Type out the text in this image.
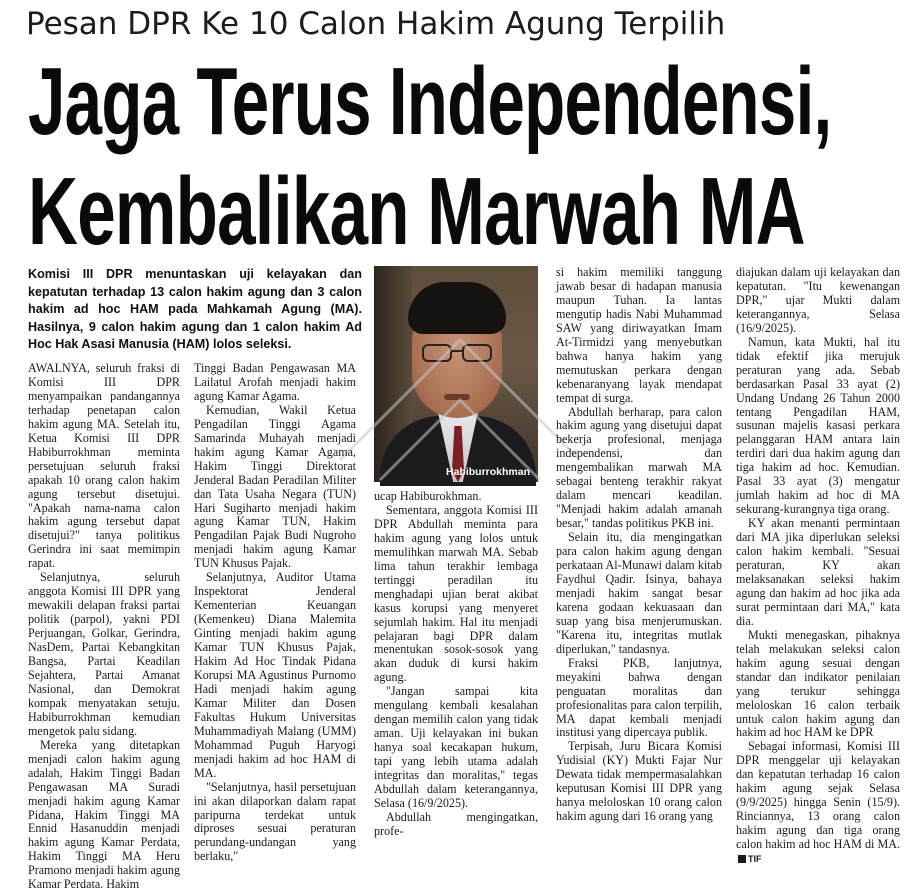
Pesan DPR Ke 10 Calon Hakim Agung Terpilih
Jaga Terus Independensi,
Kembalikan Marwah MA
Komisi III DPR menuntaskan uji kelayakan dan kepatutan terhadap 13 calon hakim agung dan 3 calon hakim ad hoc HAM pada Mahkamah Agung (MA). Hasilnya, 9 calon hakim agung dan 1 calon hakim Ad Hoc Hak Asasi Manusia (HAM) lolos seleksi.
Habiburrokhman

AWALNYA, seluruh fraksi di Komisi III DPR menyampaikan pandangannya terhadap penetapan calon hakim agung MA. Setelah itu, Ketua Komisi III DPR Habiburrokhman meminta persetujuan seluruh fraksi apakah 10 orang calon hakim agung tersebut disetujui. "Apakah nama-nama calon hakim agung tersebut dapat disetujui?" tanya politikus Gerindra ini saat memimpin rapat.

Selanjutnya, seluruh anggota Komisi III DPR yang mewakili delapan fraksi partai politik (parpol), yakni PDI Perjuangan, Golkar, Gerindra, NasDem, Partai Kebangkitan Bangsa, Partai Keadilan Sejahtera, Partai Amanat Nasional, dan Demokrat kompak menyatakan setuju. Habiburrokhman kemudian mengetok palu sidang.

Mereka yang ditetapkan menjadi calon hakim agung adalah, Hakim Tinggi Badan Pengawasan MA Suradi menjadi hakim agung Kamar Pidana, Hakim Tinggi MA Ennid Hasanuddin menjadi hakim agung Kamar Perdata, Hakim Tinggi MA Heru Pramono menjadi hakim agung Kamar Perdata. Hakim

Tinggi Badan Pengawasan MA Lailatul Arofah menjadi hakim agung Kamar Agama.

Kemudian, Wakil Ketua Pengadilan Tinggi Agama Samarinda Muhayah menjadi hakim agung Kamar Agama, Hakim Tinggi Direktorat Jenderal Badan Peradilan Militer dan Tata Usaha Negara (TUN) Hari Sugiharto menjadi hakim agung Kamar TUN, Hakim Pengadilan Pajak Budi Nugroho menjadi hakim agung Kamar TUN Khusus Pajak.

Selanjutnya, Auditor Utama Inspektorat Jenderal Kementerian Keuangan (Kemenkeu) Diana Malemita Ginting menjadi hakim agung Kamar TUN Khusus Pajak, Hakim Ad Hoc Tindak Pidana Korupsi MA Agustinus Purnomo Hadi menjadi hakim agung Kamar Militer dan Dosen Fakultas Hukum Universitas Muhammadiyah Malang (UMM) Mohammad Puguh Haryogi menjadi hakim ad hoc HAM di MA.

"Selanjutnya, hasil persetujuan ini akan dilaporkan dalam rapat paripurna terdekat untuk diproses sesuai peraturan perundang-undangan yang berlaku,"

ucap Habiburokhman.

Sementara, anggota Komisi III DPR Abdullah meminta para hakim agung yang lolos untuk memulihkan marwah MA. Sebab lima tahun terakhir lembaga tertinggi peradilan itu menghadapi ujian berat akibat kasus korupsi yang menyeret sejumlah hakim. Hal itu menjadi pelajaran bagi DPR dalam menentukan sosok-sosok yang akan duduk di kursi hakim agung.

"Jangan sampai kita mengulang kembali kesalahan dengan memilih calon yang tidak aman. Uji kelayakan ini bukan hanya soal kecakapan hukum, tapi yang lebih utama adalah integritas dan moralitas," tegas Abdullah dalam keterangannya, Selasa (16/9/2025).

Abdullah mengingatkan, profe-

si hakim memiliki tanggung jawab besar di hadapan manusia maupun Tuhan. Ia lantas mengutip hadis Nabi Muhammad SAW yang diriwayatkan Imam At-Tirmidzi yang menyebutkan bahwa hanya hakim yang memutuskan perkara dengan kebenaranyang layak mendapat tempat di surga.

Abdullah berharap, para calon hakim agung yang disetujui dapat bekerja profesional, menjaga independensi, dan mengembalikan marwah MA sebagai benteng terakhir rakyat dalam mencari keadilan. "Menjadi hakim adalah amanah besar," tandas politikus PKB ini.

Selain itu, dia mengingatkan para calon hakim agung dengan perkataan Al-Munawi dalam kitab Faydhul Qadir. Isinya, bahaya menjadi hakim sangat besar karena godaan kekuasaan dan suap yang bisa menjerumuskan. "Karena itu, integritas mutlak diperlukan," tandasnya.

Fraksi PKB, lanjutnya, meyakini bahwa dengan penguatan moralitas dan profesionalitas para calon terpilih, MA dapat kembali menjadi institusi yang dipercaya publik.

Terpisah, Juru Bicara Komisi Yudisial (KY) Mukti Fajar Nur Dewata tidak mempermasalahkan keputusan Komisi III DPR yang hanya meloloskan 10 orang calon hakim agung dari 16 orang yang

diajukan dalam uji kelayakan dan kepatutan. "Itu kewenangan DPR," ujar Mukti dalam keterangannya, Selasa (16/9/2025).

Namun, kata Mukti, hal itu tidak efektif jika merujuk peraturan yang ada. Sebab berdasarkan Pasal 33 ayat (2) Undang Undang 26 Tahun 2000 tentang Pengadilan HAM, susunan majelis kasasi perkara pelanggaran HAM antara lain terdiri dari dua hakim agung dan tiga hakim ad hoc. Kemudian. Pasal 33 ayat (3) mengatur jumlah hakim ad hoc di MA sekurang-kurangnya tiga orang.

KY akan menanti permintaan dari MA jika diperlukan seleksi calon hakim kembali. "Sesuai peraturan, KY akan melaksanakan seleksi hakim agung dan hakim ad hoc jika ada surat permintaan dari MA," kata dia.

Mukti menegaskan, pihaknya telah melakukan seleksi calon hakim agung sesuai dengan standar dan indikator penilaian yang terukur sehingga meloloskan 16 calon terbaik untuk calon hakim agung dan hakim ad hoc HAM ke DPR

Sebagai informasi, Komisi III DPR menggelar uji kelayakan dan kepatutan terhadap 16 calon hakim agung sejak Selasa (9/9/2025) hingga Senin (15/9). Rinciannya, 13 orang calon hakim agung dan tiga orang calon hakim ad hoc HAM di MA. TIF
